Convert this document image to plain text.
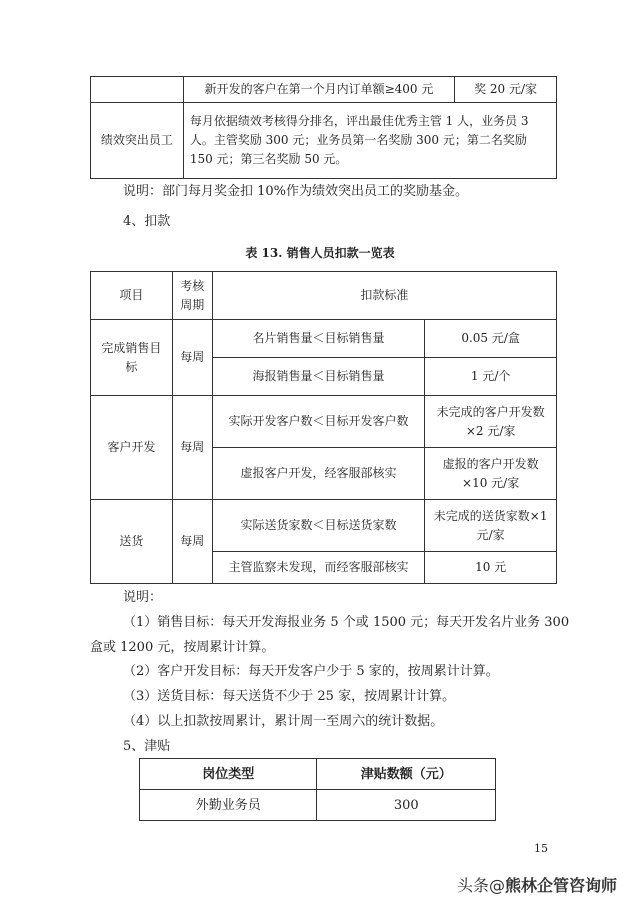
	新开发的客户在第一个月内订单额≥400 元	奖 20 元/家
绩效突出员工	每月依据绩效考核得分排名，评出最佳优秀主管 1 人，业务员 3 人。主管奖励 300 元；业务员第一名奖励 300 元；第二名奖励 150 元；第三名奖励 50 元。	
说明：部门每月奖金扣 10%作为绩效突出员工的奖励基金。
4、扣款
表 13. 销售人员扣款一览表
项目	考核周期	扣款标准	
完成销售目标	每周	名片销售量＜目标销售量	0.05 元/盒
		海报销售量＜目标销售量	1 元/个
客户开发	每周	实际开发客户数＜目标开发客户数	未完成的客户开发数×2 元/家
		虚报客户开发，经客服部核实	虚报的客户开发数×10 元/家
送货	每周	实际送货家数＜目标送货家数	未完成的送货家数×1 元/家
		主管监察未发现，而经客服部核实	10 元
说明：
（1）销售目标：每天开发海报业务 5 个或 1500 元；每天开发名片业务 300
盒或 1200 元，按周累计计算。
（2）客户开发目标：每天开发客户少于 5 家的，按周累计计算。
（3）送货目标：每天送货不少于 25 家，按周累计计算。
（4）以上扣款按周累计，累计周一至周六的统计数据。
5、津贴
岗位类型	津贴数额（元）
外勤业务员	300
15
头条@熊林企管咨询师
